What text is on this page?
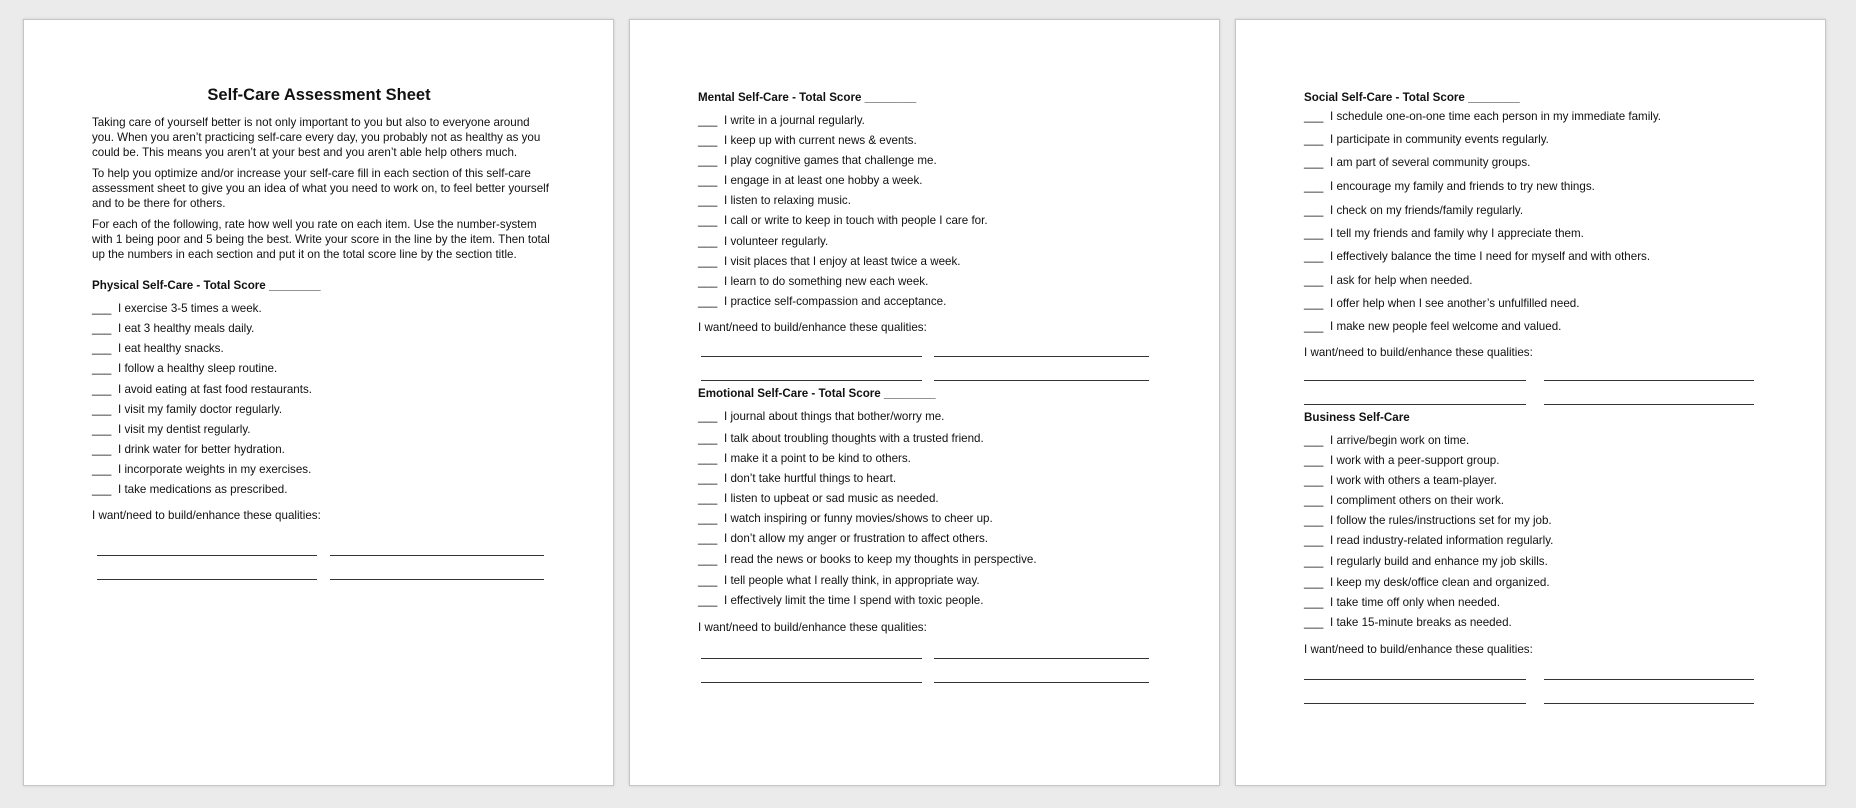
Self-Care Assessment Sheet

Taking care of yourself better is not only important to you but also to everyone around you. When you aren’t practicing self-care every day, you probably not as healthy as you could be. This means you aren’t at your best and you aren’t able help others much.

To help you optimize and/or increase your self-care fill in each section of this self-care assessment sheet to give you an idea of what you need to work on, to feel better yourself and to be there for others.

For each of the following, rate how well you rate on each item. Use the number-system with 1 being poor and 5 being the best. Write your score in the line by the item. Then total up the numbers in each section and put it on the total score line by the section title.

Physical Self-Care - Total Score ________
___ I exercise 3-5 times a week.
___ I eat 3 healthy meals daily.
___ I eat healthy snacks.
___ I follow a healthy sleep routine.
___ I avoid eating at fast food restaurants.
___ I visit my family doctor regularly.
___ I visit my dentist regularly.
___ I drink water for better hydration.
___ I incorporate weights in my exercises.
___ I take medications as prescribed.
I want/need to build/enhance these qualities:
Mental Self-Care - Total Score ________
___ I write in a journal regularly.
___ I keep up with current news & events.
___ I play cognitive games that challenge me.
___ I engage in at least one hobby a week.
___ I listen to relaxing music.
___ I call or write to keep in touch with people I care for.
___ I volunteer regularly.
___ I visit places that I enjoy at least twice a week.
___ I learn to do something new each week.
___ I practice self-compassion and acceptance.
I want/need to build/enhance these qualities:
Emotional Self-Care - Total Score ________
___ I journal about things that bother/worry me.
___ I talk about troubling thoughts with a trusted friend.
___ I make it a point to be kind to others.
___ I don’t take hurtful things to heart.
___ I listen to upbeat or sad music as needed.
___ I watch inspiring or funny movies/shows to cheer up.
___ I don’t allow my anger or frustration to affect others.
___ I read the news or books to keep my thoughts in perspective.
___ I tell people what I really think, in appropriate way.
___ I effectively limit the time I spend with toxic people.
I want/need to build/enhance these qualities:
Social Self-Care - Total Score ________
___ I schedule one-on-one time each person in my immediate family.
___ I participate in community events regularly.
___ I am part of several community groups.
___ I encourage my family and friends to try new things.
___ I check on my friends/family regularly.
___ I tell my friends and family why I appreciate them.
___ I effectively balance the time I need for myself and with others.
___ I ask for help when needed.
___ I offer help when I see another’s unfulfilled need.
___ I make new people feel welcome and valued.
I want/need to build/enhance these qualities:
Business Self-Care
___ I arrive/begin work on time.
___ I work with a peer-support group.
___ I work with others a team-player.
___ I compliment others on their work.
___ I follow the rules/instructions set for my job.
___ I read industry-related information regularly.
___ I regularly build and enhance my job skills.
___ I keep my desk/office clean and organized.
___ I take time off only when needed.
___ I take 15-minute breaks as needed.
I want/need to build/enhance these qualities:
